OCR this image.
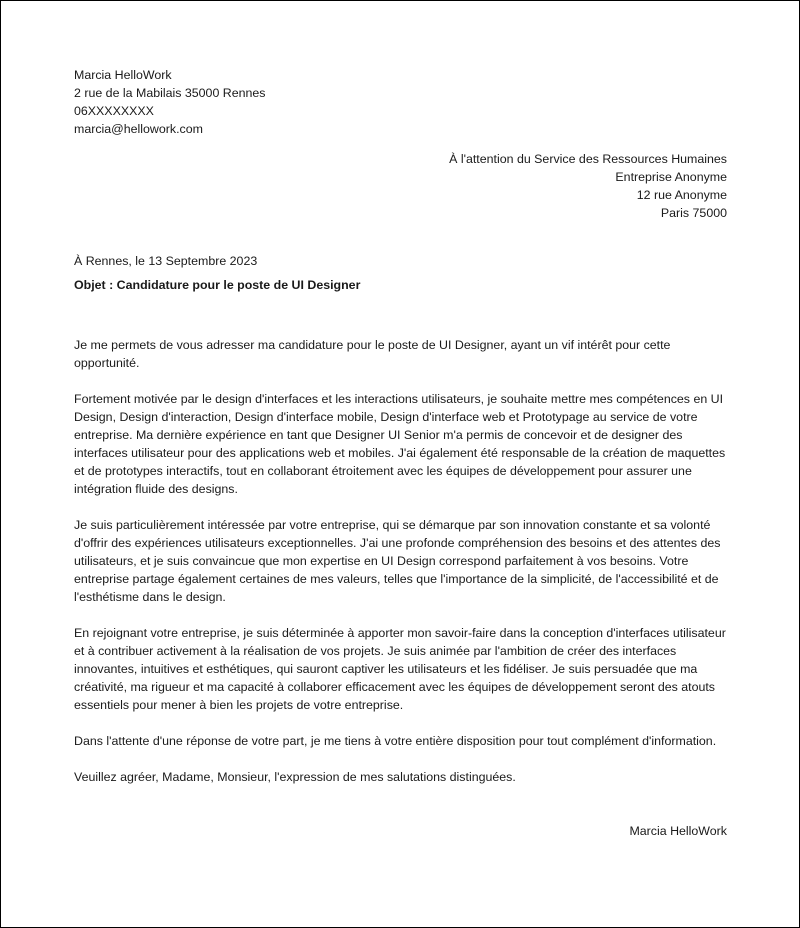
Marcia HelloWork
2 rue de la Mabilais 35000 Rennes
06XXXXXXXX
marcia@hellowork.com
À l'attention du Service des Ressources Humaines
Entreprise Anonyme
12 rue Anonyme
Paris 75000
À Rennes, le 13 Septembre 2023
Objet : Candidature pour le poste de UI Designer

Je me permets de vous adresser ma candidature pour le poste de UI Designer, ayant un vif intérêt pour cette opportunité.

Fortement motivée par le design d'interfaces et les interactions utilisateurs, je souhaite mettre mes compétences en UI Design, Design d'interaction, Design d'interface mobile, Design d'interface web et Prototypage au service de votre entreprise. Ma dernière expérience en tant que Designer UI Senior m'a permis de concevoir et de designer des interfaces utilisateur pour des applications web et mobiles. J'ai également été responsable de la création de maquettes et de prototypes interactifs, tout en collaborant étroitement avec les équipes de développement pour assurer une intégration fluide des designs.

Je suis particulièrement intéressée par votre entreprise, qui se démarque par son innovation constante et sa volonté d'offrir des expériences utilisateurs exceptionnelles. J'ai une profonde compréhension des besoins et des attentes des utilisateurs, et je suis convaincue que mon expertise en UI Design correspond parfaitement à vos besoins. Votre entreprise partage également certaines de mes valeurs, telles que l'importance de la simplicité, de l'accessibilité et de l'esthétisme dans le design.

En rejoignant votre entreprise, je suis déterminée à apporter mon savoir-faire dans la conception d'interfaces utilisateur et à contribuer activement à la réalisation de vos projets. Je suis animée par l'ambition de créer des interfaces innovantes, intuitives et esthétiques, qui sauront captiver les utilisateurs et les fidéliser. Je suis persuadée que ma créativité, ma rigueur et ma capacité à collaborer efficacement avec les équipes de développement seront des atouts essentiels pour mener à bien les projets de votre entreprise.

Dans l'attente d'une réponse de votre part, je me tiens à votre entière disposition pour tout complément d'information.

Veuillez agréer, Madame, Monsieur, l'expression de mes salutations distinguées.

Marcia HelloWork
